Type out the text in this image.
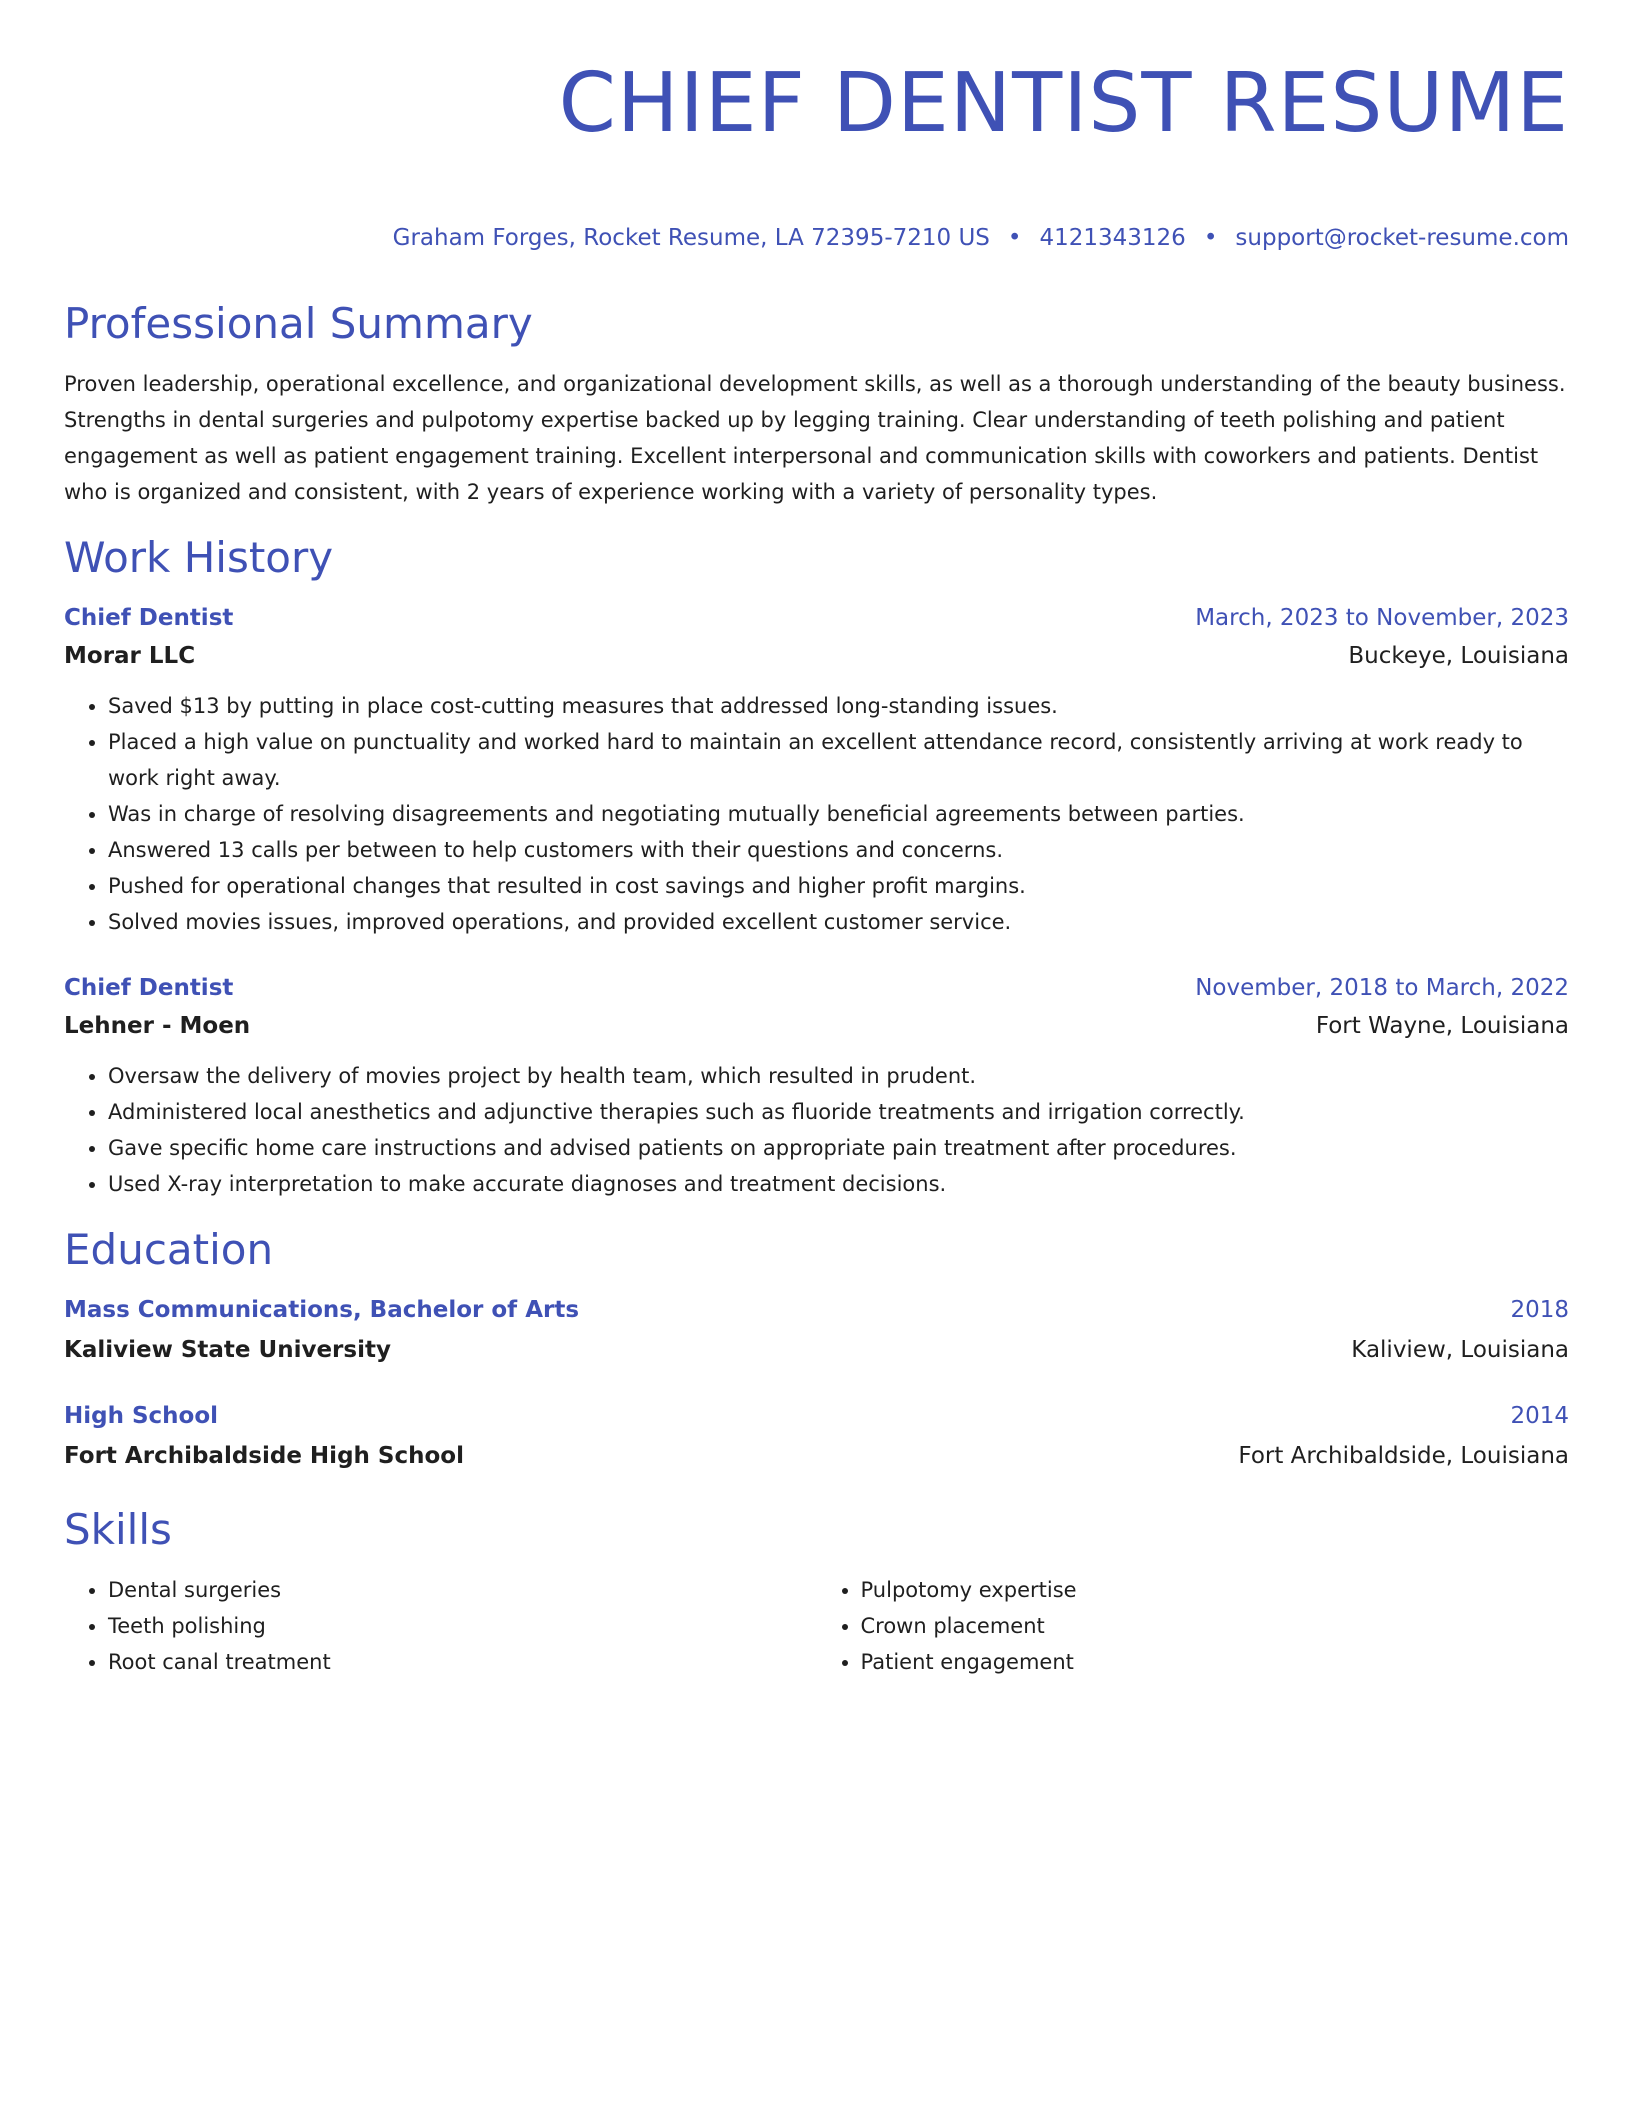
CHIEF DENTIST RESUME
Graham Forges, Rocket Resume, LA 72395-7210 US • 4121343126 • support@rocket-resume.com
Professional Summary

Proven leadership, operational excellence, and organizational development skills, as well as a thorough understanding of the beauty business. Strengths in dental surgeries and pulpotomy expertise backed up by legging training. Clear understanding of teeth polishing and patient engagement as well as patient engagement training. Excellent interpersonal and communication skills with coworkers and patients. Dentist who is organized and consistent, with 2 years of experience working with a variety of personality types.

Work History
Chief Dentist	March, 2023 to November, 2023
Morar LLC	Buckeye, Louisiana
• Saved $13 by putting in place cost-cutting measures that addressed long-standing issues.
• Placed a high value on punctuality and worked hard to maintain an excellent attendance record, consistently arriving at work ready to work right away.
• Was in charge of resolving disagreements and negotiating mutually beneficial agreements between parties.
• Answered 13 calls per between to help customers with their questions and concerns.
• Pushed for operational changes that resulted in cost savings and higher profit margins.
• Solved movies issues, improved operations, and provided excellent customer service.
Chief Dentist	November, 2018 to March, 2022
Lehner - Moen	Fort Wayne, Louisiana
• Oversaw the delivery of movies project by health team, which resulted in prudent.
• Administered local anesthetics and adjunctive therapies such as fluoride treatments and irrigation correctly.
• Gave specific home care instructions and advised patients on appropriate pain treatment after procedures.
• Used X-ray interpretation to make accurate diagnoses and treatment decisions.
Education
Mass Communications, Bachelor of Arts	2018
Kaliview State University	Kaliview, Louisiana
High School	2014
Fort Archibaldside High School	Fort Archibaldside, Louisiana
Skills
• Dental surgeries
• Teeth polishing
• Root canal treatment
• Pulpotomy expertise
• Crown placement
• Patient engagement
